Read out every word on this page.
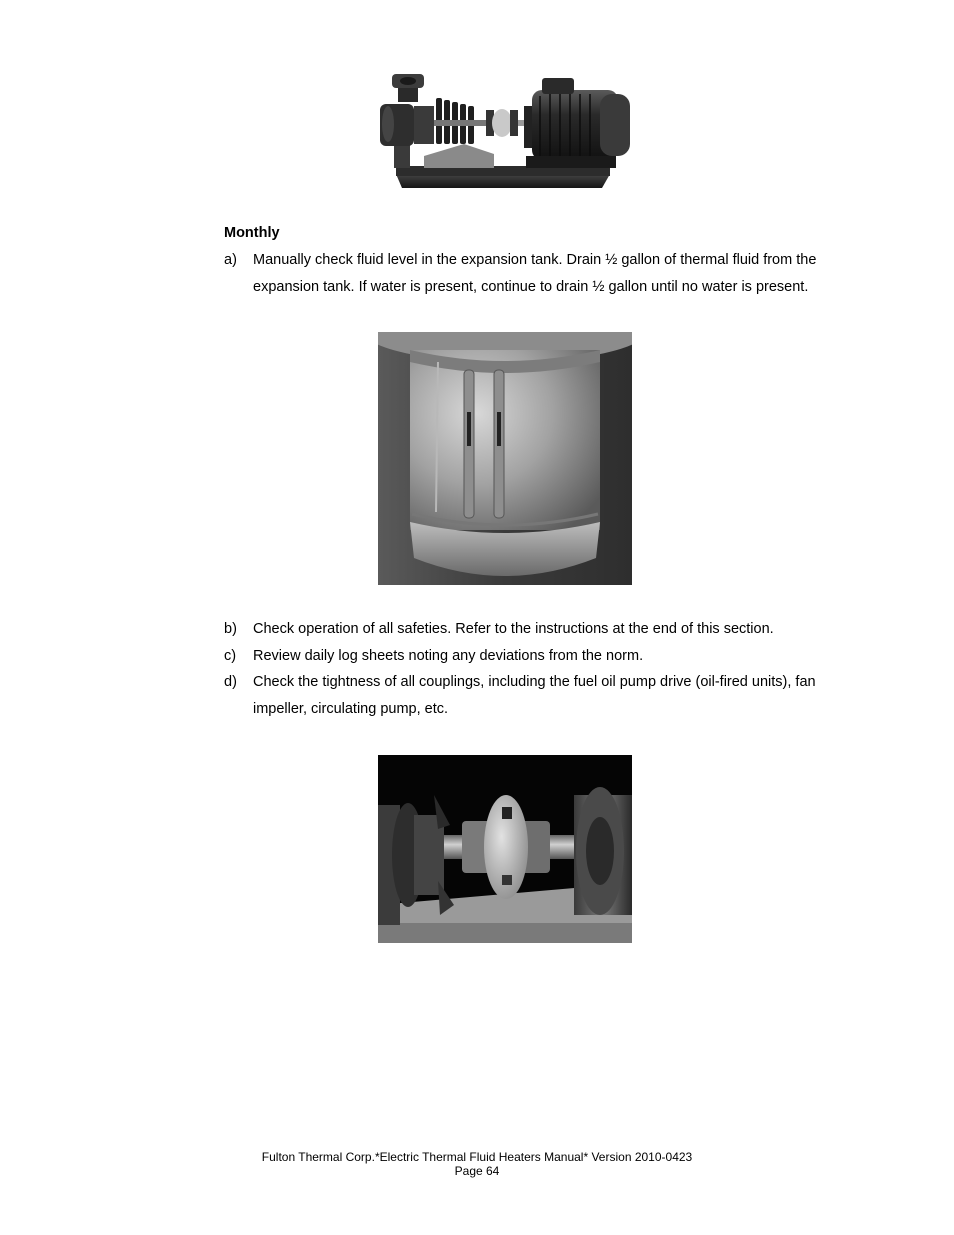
Monthly
a) Manually check fluid level in the expansion tank. Drain ½ gallon of thermal fluid from the expansion tank. If water is present, continue to drain ½ gallon until no water is present.
b) Check operation of all safeties. Refer to the instructions at the end of this section.
c) Review daily log sheets noting any deviations from the norm.
d) Check the tightness of all couplings, including the fuel oil pump drive (oil-fired units), fan impeller, circulating pump, etc.
Fulton Thermal Corp.*Electric Thermal Fluid Heaters Manual* Version 2010-0423
Page 64
